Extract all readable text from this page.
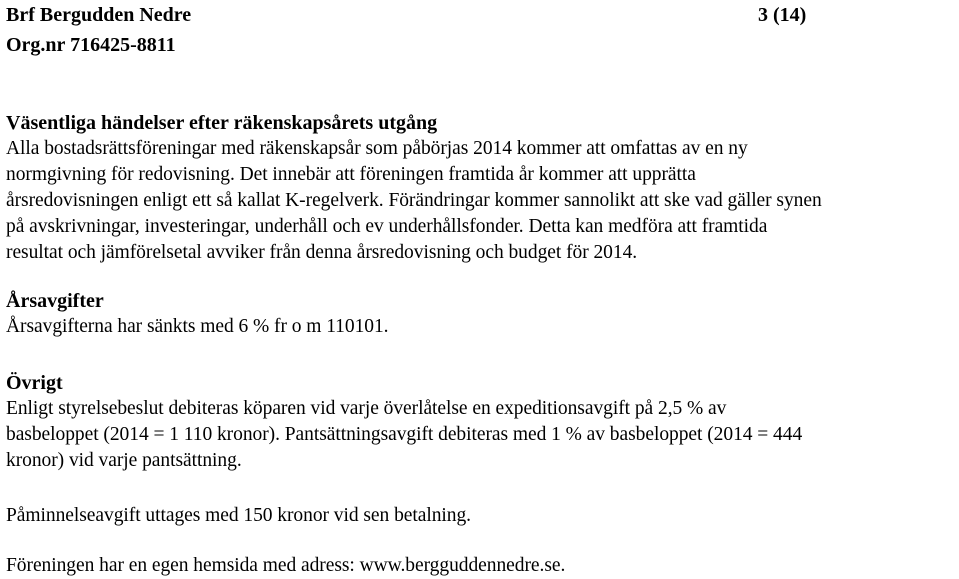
Brf Bergudden Nedre
Org.nr 716425-8811
3 (14)
Väsentliga händelser efter räkenskapsårets utgång
Alla bostadsrättsföreningar med räkenskapsår som påbörjas 2014 kommer att omfattas av en ny
normgivning för redovisning. Det innebär att föreningen framtida år kommer att upprätta
årsredovisningen enligt ett så kallat K-regelverk. Förändringar kommer sannolikt att ske vad gäller synen
på avskrivningar, investeringar, underhåll och ev underhållsfonder. Detta kan medföra att framtida
resultat och jämförelsetal avviker från denna årsredovisning och budget för 2014.
Årsavgifter
Årsavgifterna har sänkts med 6 % fr o m 110101.
Övrigt
Enligt styrelsebeslut debiteras köparen vid varje överlåtelse en expeditionsavgift på 2,5 % av
basbeloppet (2014 = 1 110 kronor). Pantsättningsavgift debiteras med 1 % av basbeloppet (2014 = 444
kronor) vid varje pantsättning.
Påminnelseavgift uttages med 150 kronor vid sen betalning.
Föreningen har en egen hemsida med adress: www.bergguddennedre.se.
